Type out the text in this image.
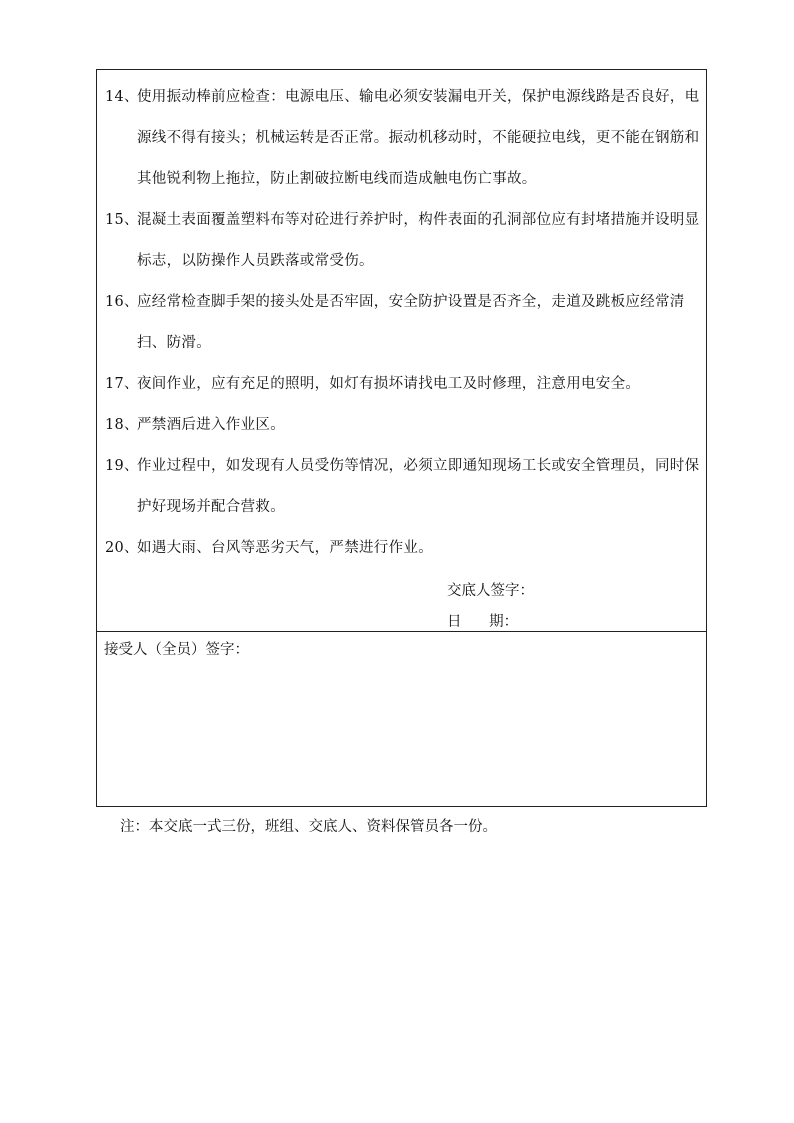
14、
使用振动棒前应检查：电源电压、输电必须安装漏电开关，保护电源线路是否良好，电源线不得有接头；机械运转是否正常。振动机移动时，不能硬拉电线，更不能在钢筋和其他锐利物上拖拉，防止割破拉断电线而造成触电伤亡事故。
15、
混凝土表面覆盖塑料布等对砼进行养护时，构件表面的孔洞部位应有封堵措施并设明显标志，以防操作人员跌落或常受伤。
16、
应经常检查脚手架的接头处是否牢固，安全防护设置是否齐全，走道及跳板应经常清扫、防滑。
17、
夜间作业，应有充足的照明，如灯有损坏请找电工及时修理，注意用电安全。
18、
严禁酒后进入作业区。
19、
作业过程中，如发现有人员受伤等情况，必须立即通知现场工长或安全管理员，同时保护好现场并配合营救。
20、
如遇大雨、台风等恶劣天气，严禁进行作业。
交底人签字：
日      期：
接受人（全员）签字：
注：本交底一式三份，班组、交底人、资料保管员各一份。
